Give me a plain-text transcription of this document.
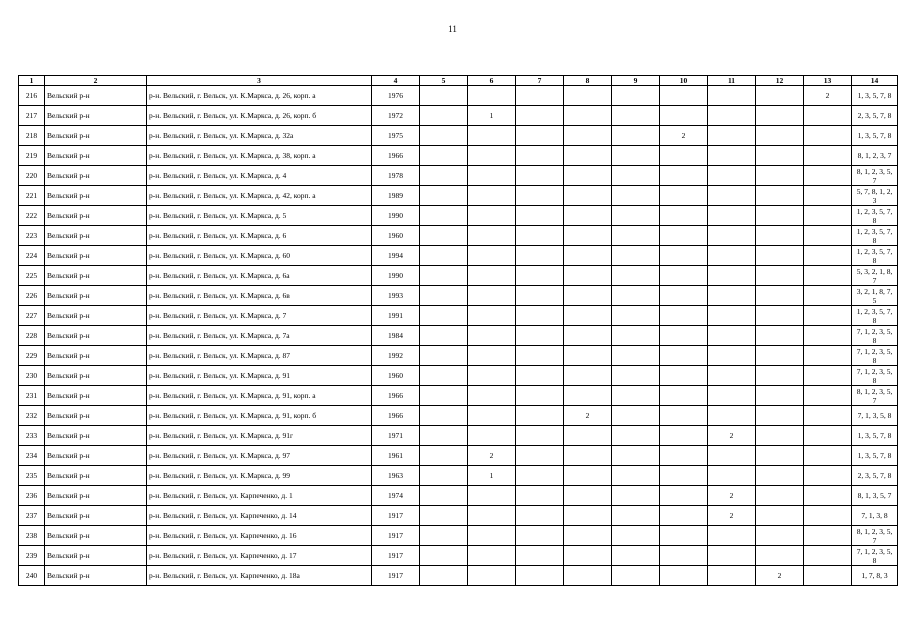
11
1	2	3	4	5	6	7	8	9	10	11	12	13	14
216	Вельский р-н	р-н. Вельский, г. Вельск, ул. К.Маркса, д. 26, корп. а	1976									2	1, 3, 5, 7, 8
217	Вельский р-н	р-н. Вельский, г. Вельск, ул. К.Маркса, д. 26, корп. б	1972		1								2, 3, 5, 7, 8
218	Вельский р-н	р-н. Вельский, г. Вельск, ул. К.Маркса, д. 32а	1975						2				1, 3, 5, 7, 8
219	Вельский р-н	р-н. Вельский, г. Вельск, ул. К.Маркса, д. 38, корп. а	1966										8, 1, 2, 3, 7
220	Вельский р-н	р-н. Вельский, г. Вельск, ул. К.Маркса, д. 4	1978										8, 1, 2, 3, 5, 7
221	Вельский р-н	р-н. Вельский, г. Вельск, ул. К.Маркса, д. 42, корп. а	1989										5, 7, 8, 1, 2, 3
222	Вельский р-н	р-н. Вельский, г. Вельск, ул. К.Маркса, д. 5	1990										1, 2, 3, 5, 7, 8
223	Вельский р-н	р-н. Вельский, г. Вельск, ул. К.Маркса, д. 6	1960										1, 2, 3, 5, 7, 8
224	Вельский р-н	р-н. Вельский, г. Вельск, ул. К.Маркса, д. 60	1994										1, 2, 3, 5, 7, 8
225	Вельский р-н	р-н. Вельский, г. Вельск, ул. К.Маркса, д. 6а	1990										5, 3, 2, 1, 8, 7
226	Вельский р-н	р-н. Вельский, г. Вельск, ул. К.Маркса, д. 6в	1993										3, 2, 1, 8, 7, 5
227	Вельский р-н	р-н. Вельский, г. Вельск, ул. К.Маркса, д. 7	1991										1, 2, 3, 5, 7, 8
228	Вельский р-н	р-н. Вельский, г. Вельск, ул. К.Маркса, д. 7а	1984										7, 1, 2, 3, 5, 8
229	Вельский р-н	р-н. Вельский, г. Вельск, ул. К.Маркса, д. 87	1992										7, 1, 2, 3, 5, 8
230	Вельский р-н	р-н. Вельский, г. Вельск, ул. К.Маркса, д. 91	1960										7, 1, 2, 3, 5, 8
231	Вельский р-н	р-н. Вельский, г. Вельск, ул. К.Маркса, д. 91, корп. а	1966										8, 1, 2, 3, 5, 7
232	Вельский р-н	р-н. Вельский, г. Вельск, ул. К.Маркса, д. 91, корп. б	1966				2						7, 1, 3, 5, 8
233	Вельский р-н	р-н. Вельский, г. Вельск, ул. К.Маркса, д. 91г	1971							2			1, 3, 5, 7, 8
234	Вельский р-н	р-н. Вельский, г. Вельск, ул. К.Маркса, д. 97	1961		2								1, 3, 5, 7, 8
235	Вельский р-н	р-н. Вельский, г. Вельск, ул. К.Маркса, д. 99	1963		1								2, 3, 5, 7, 8
236	Вельский р-н	р-н. Вельский, г. Вельск, ул. Карпеченко, д. 1	1974							2			8, 1, 3, 5, 7
237	Вельский р-н	р-н. Вельский, г. Вельск, ул. Карпеченко, д. 14	1917							2			7, 1, 3, 8
238	Вельский р-н	р-н. Вельский, г. Вельск, ул. Карпеченко, д. 16	1917										8, 1, 2, 3, 5, 7
239	Вельский р-н	р-н. Вельский, г. Вельск, ул. Карпеченко, д. 17	1917										7, 1, 2, 3, 5, 8
240	Вельский р-н	р-н. Вельский, г. Вельск, ул. Карпеченко, д. 18а	1917								2		1, 7, 8, 3
